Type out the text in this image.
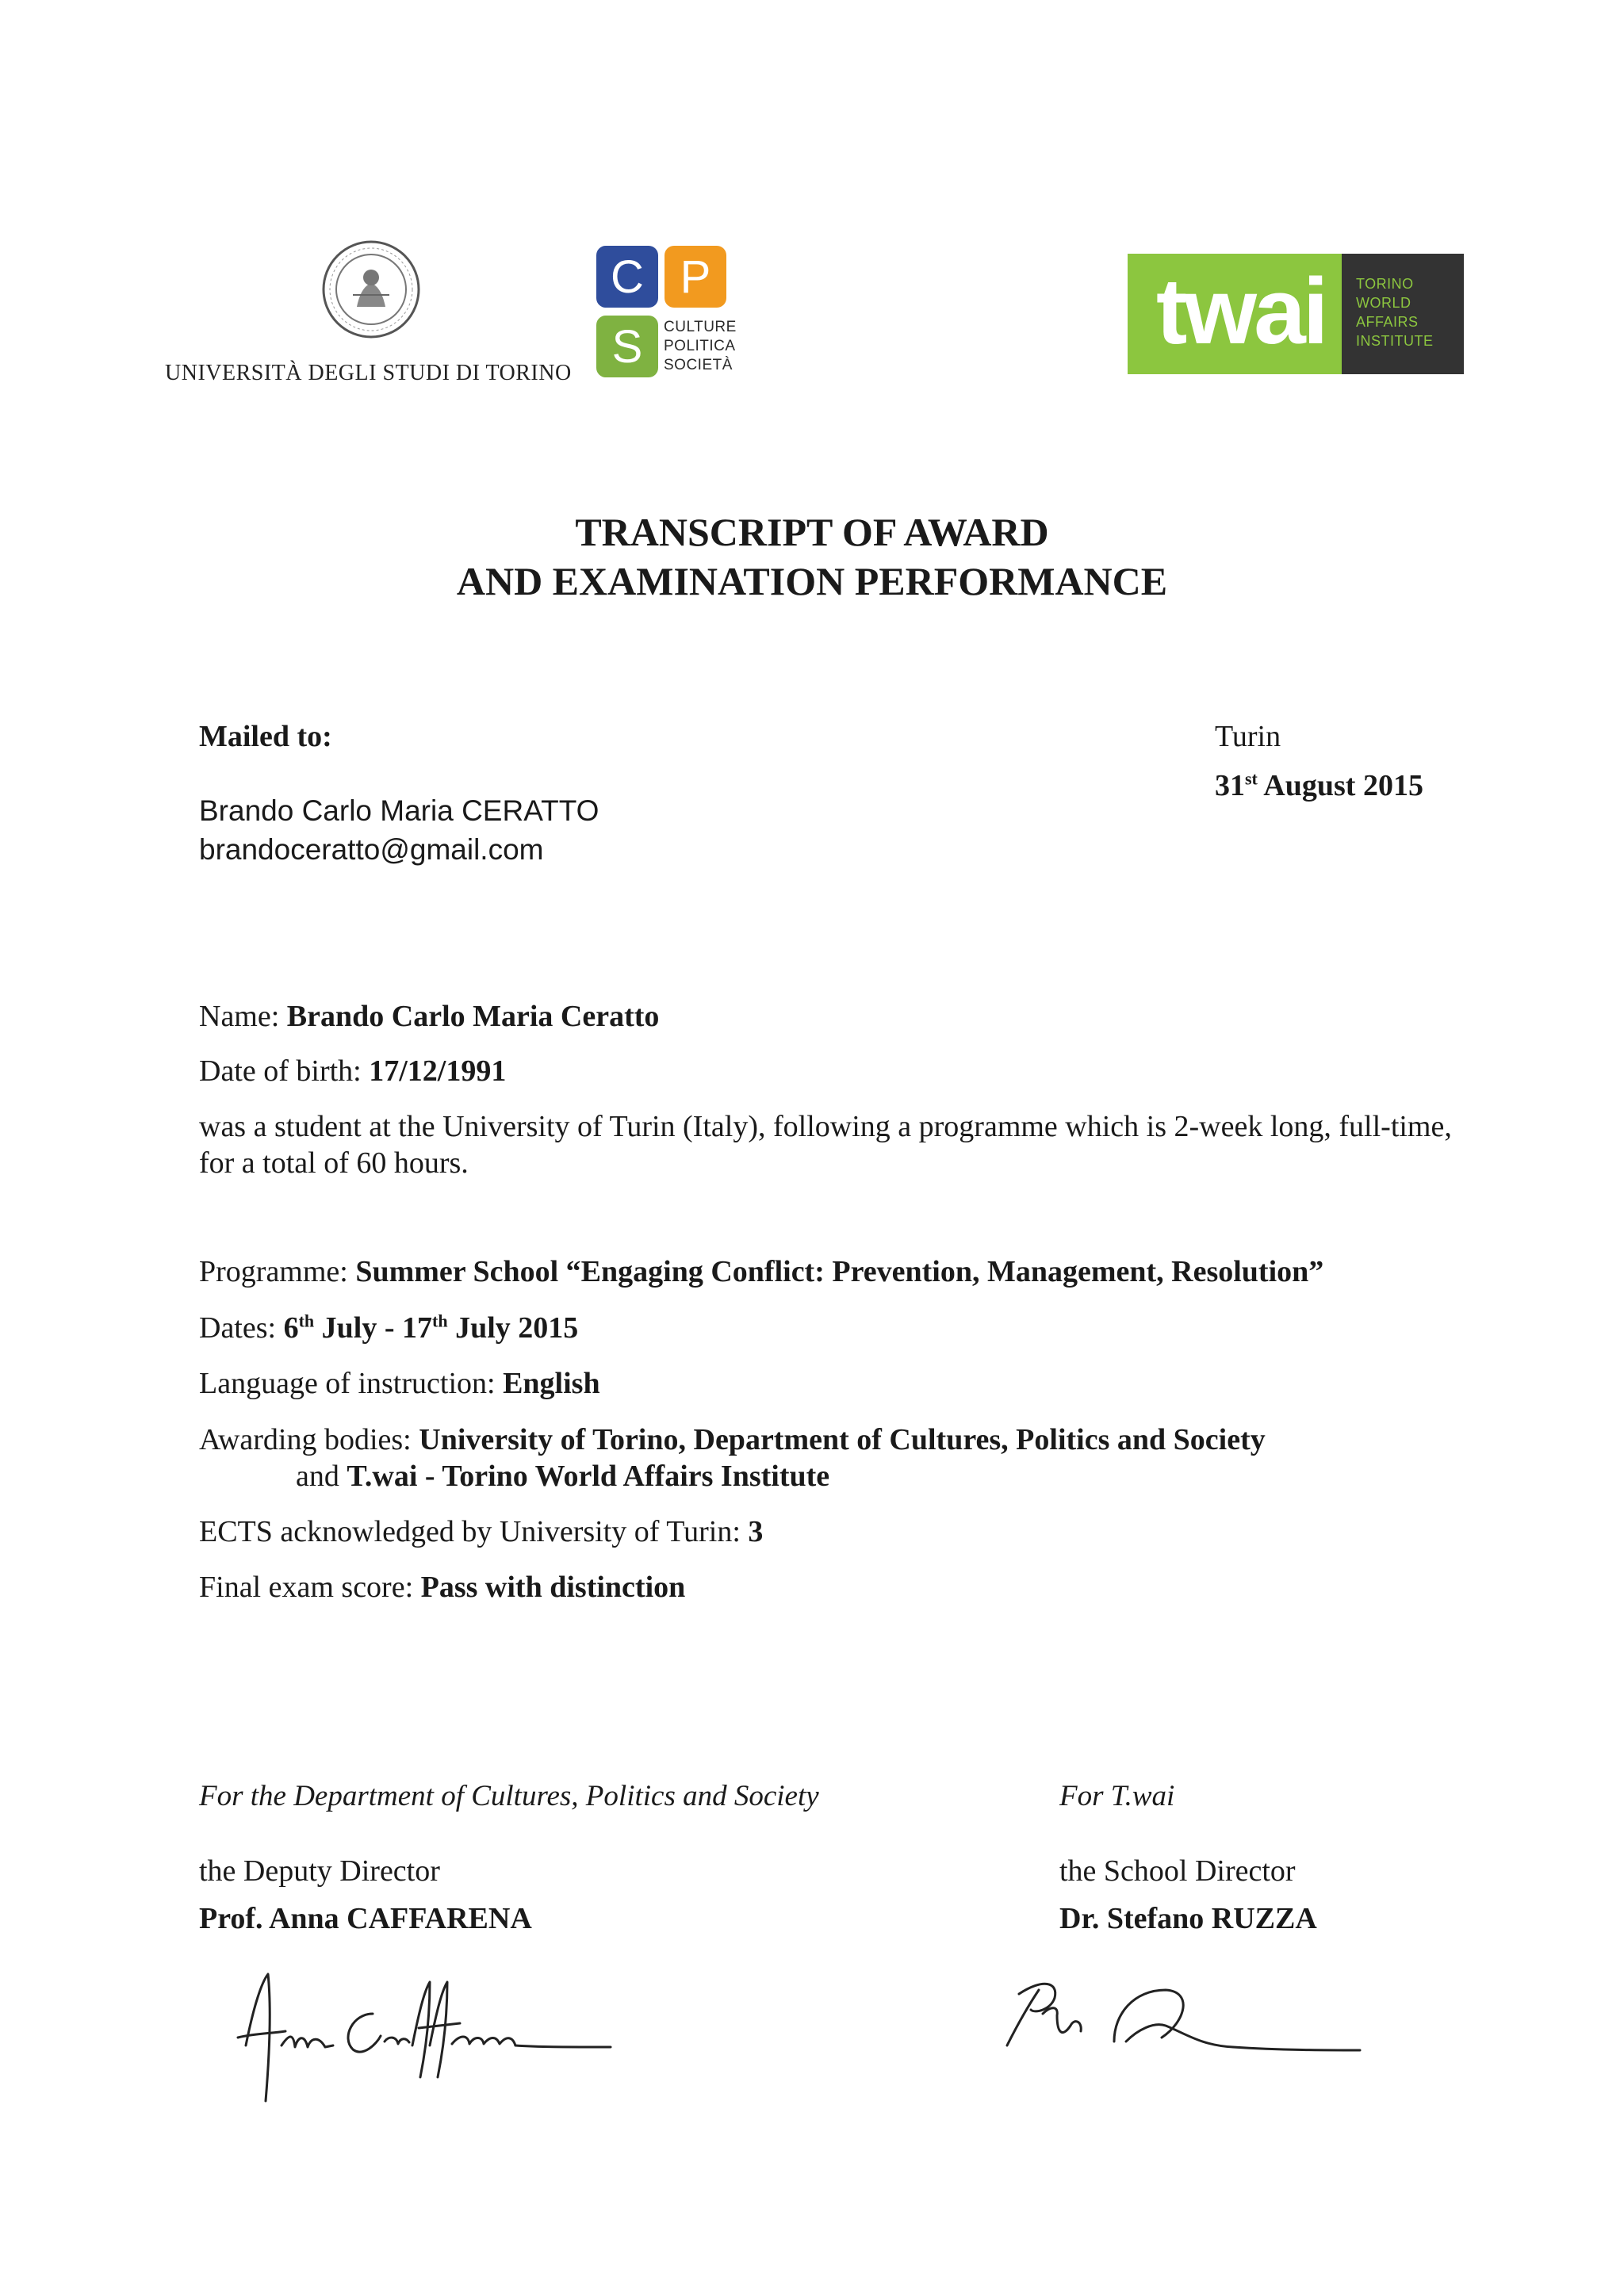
UNIVERSITÀ DEGLI STUDI DI TORINO
C P
S	CULTURE
POLITICA
SOCIETÀ
twai TORINO
WORLD
AFFAIRS
INSTITUTE
TRANSCRIPT OF AWARD
AND EXAMINATION PERFORMANCE
Mailed to:
Brando Carlo Maria CERATTO
brandoceratto@gmail.com
Turin
31st August 2015
Name: Brando Carlo Maria Ceratto
Date of birth: 17/12/1991
was a student at the University of Turin (Italy), following a programme which is 2-week long, full-time, for a total of 60 hours.
Programme: Summer School “Engaging Conflict: Prevention, Management, Resolution”
Dates: 6th July - 17th July 2015
Language of instruction: English
Awarding bodies: University of Torino, Department of Cultures, Politics and Society
and T.wai - Torino World Affairs Institute
ECTS acknowledged by University of Turin: 3
Final exam score: Pass with distinction
For the Department of Cultures, Politics and Society	For T.wai
the Deputy Director	the School Director
Prof. Anna CAFFARENA	Dr. Stefano RUZZA
